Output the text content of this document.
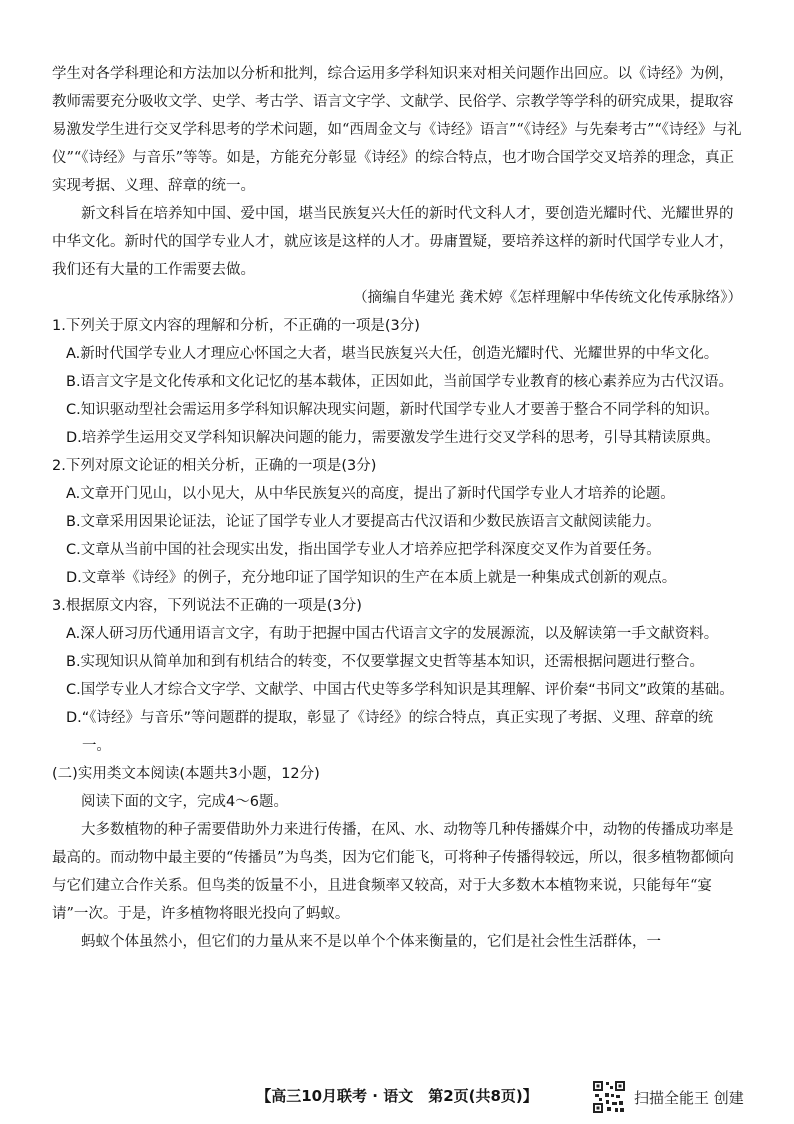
学生对各学科理论和方法加以分析和批判，综合运用多学科知识来对相关问题作出回应。以《诗经》为例，教师需要充分吸收文学、史学、考古学、语言文字学、文献学、民俗学、宗教学等学科的研究成果，提取容易激发学生进行交叉学科思考的学术问题，如“西周金文与《诗经》语言”“《诗经》与先秦考古”“《诗经》与礼仪”“《诗经》与音乐”等等。如是，方能充分彰显《诗经》的综合特点，也才吻合国学交叉培养的理念，真正实现考据、义理、辞章的统一。

新文科旨在培养知中国、爱中国，堪当民族复兴大任的新时代文科人才，要创造光耀时代、光耀世界的中华文化。新时代的国学专业人才，就应该是这样的人才。毋庸置疑，要培养这样的新时代国学专业人才，我们还有大量的工作需要去做。

（摘编自华建光 龚术婷《怎样理解中华传统文化传承脉络》）

1.下列关于原文内容的理解和分析，不正确的一项是(3分)

A.新时代国学专业人才理应心怀国之大者，堪当民族复兴大任，创造光耀时代、光耀世界的中华文化。

B.语言文字是文化传承和文化记忆的基本载体，正因如此，当前国学专业教育的核心素养应为古代汉语。

C.知识驱动型社会需运用多学科知识解决现实问题，新时代国学专业人才要善于整合不同学科的知识。

D.培养学生运用交叉学科知识解决问题的能力，需要激发学生进行交叉学科的思考，引导其精读原典。

2.下列对原文论证的相关分析，正确的一项是(3分)

A.文章开门见山，以小见大，从中华民族复兴的高度，提出了新时代国学专业人才培养的论题。

B.文章采用因果论证法，论证了国学专业人才要提高古代汉语和少数民族语言文献阅读能力。

C.文章从当前中国的社会现实出发，指出国学专业人才培养应把学科深度交叉作为首要任务。

D.文章举《诗经》的例子，充分地印证了国学知识的生产在本质上就是一种集成式创新的观点。

3.根据原文内容，下列说法不正确的一项是(3分)

A.深人研习历代通用语言文字，有助于把握中国古代语言文字的发展源流，以及解读第一手文献资料。

B.实现知识从简单加和到有机结合的转变，不仅要掌握文史哲等基本知识，还需根据问题进行整合。

C.国学专业人才综合文字学、文献学、中国古代史等多学科知识是其理解、评价秦“书同文”政策的基础。

D.“《诗经》与音乐”等问题群的提取，彰显了《诗经》的综合特点，真正实现了考据、义理、辞章的统一。

(二)实用类文本阅读(本题共3小题，12分)

阅读下面的文字，完成4～6题。

大多数植物的种子需要借助外力来进行传播，在风、水、动物等几种传播媒介中，动物的传播成功率是最高的。而动物中最主要的“传播员”为鸟类，因为它们能飞，可将种子传播得较远，所以，很多植物都倾向与它们建立合作关系。但鸟类的饭量不小，且进食频率又较高，对于大多数木本植物来说，只能每年“宴请”一次。于是，许多植物将眼光投向了蚂蚁。

蚂蚁个体虽然小，但它们的力量从来不是以单个个体来衡量的，它们是社会性生活群体，一

【高三10月联考 · 语文　第2页(共8页)】	扫描全能王 创建
